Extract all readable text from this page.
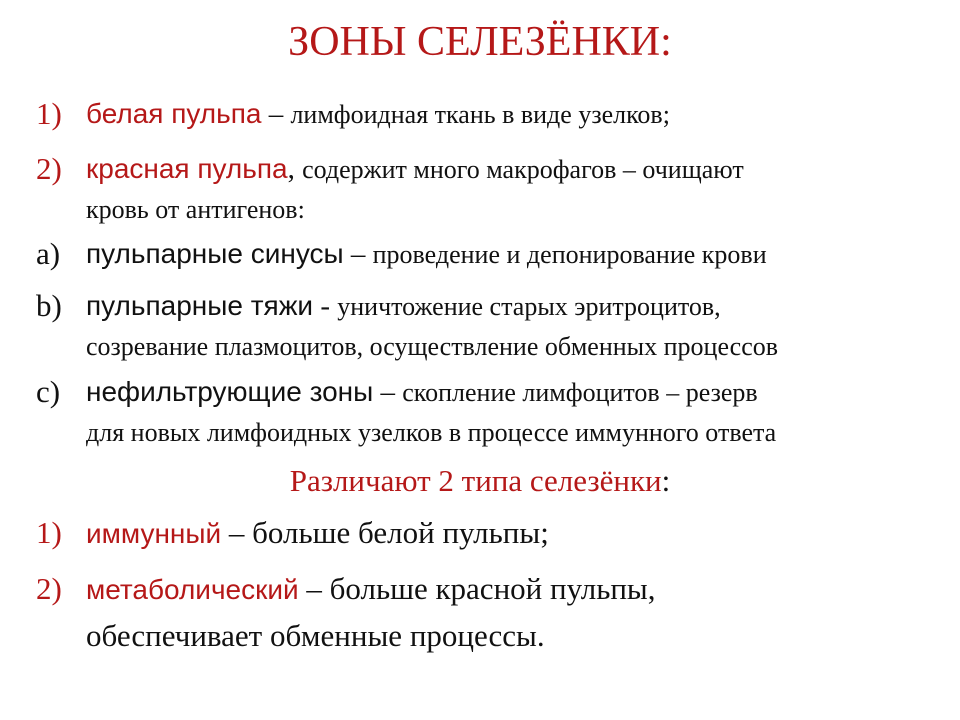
ЗОНЫ СЕЛЕЗЁНКИ:
1) белая пульпа – лимфоидная ткань в виде узелков;
2) красная пульпа, содержит много макрофагов – очищают
кровь от антигенов:
a) пульпарные синусы – проведение и депонирование крови
b) пульпарные тяжи - уничтожение старых эритроцитов,
созревание плазмоцитов, осуществление обменных процессов
c) нефильтрующие зоны – скопление лимфоцитов – резерв
для новых лимфоидных узелков в процессе иммунного ответа
Различают 2 типа селезёнки:
1) иммунный – больше белой пульпы;
2) метаболический – больше красной пульпы,
обеспечивает обменные процессы.
